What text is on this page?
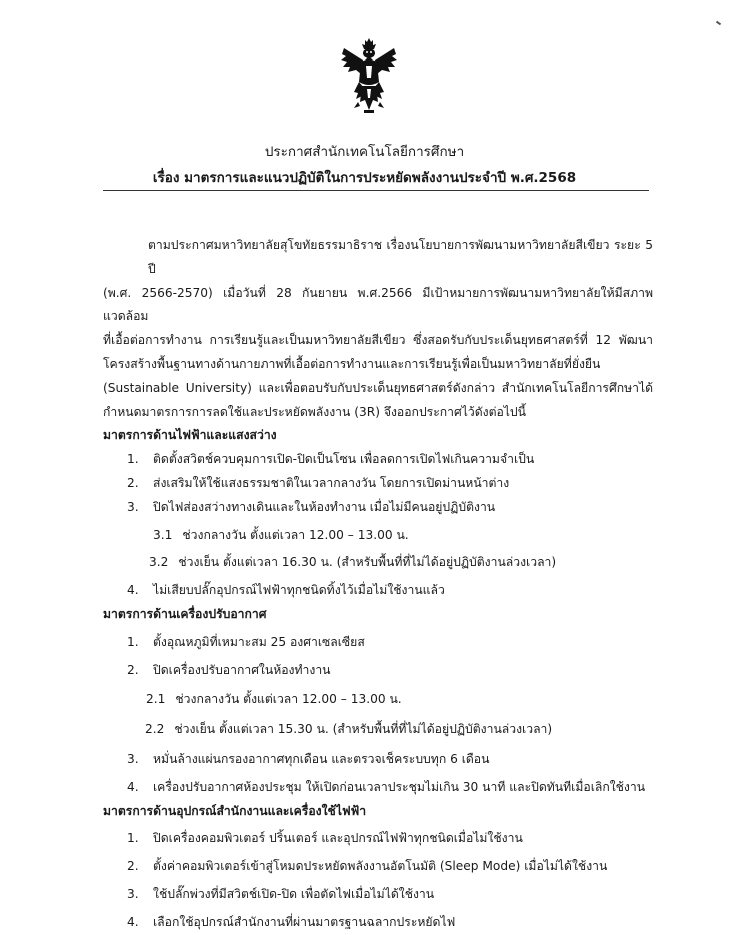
ประกาศสำนักเทคโนโลยีการศึกษา
เรื่อง มาตรการและแนวปฏิบัติในการประหยัดพลังงานประจำปี พ.ศ.2568
ตามประกาศมหาวิทยาลัยสุโขทัยธรรมาธิราช เรื่องนโยบายการพัฒนามหาวิทยาลัยสีเขียว ระยะ 5 ปี
(พ.ศ. 2566-2570) เมื่อวันที่ 28 กันยายน พ.ศ.2566 มีเป้าหมายการพัฒนามหาวิทยาลัยให้มีสภาพแวดล้อม
ที่เอื้อต่อการทำงาน การเรียนรู้และเป็นมหาวิทยาลัยสีเขียว ซึ่งสอดรับกับประเด็นยุทธศาสตร์ที่ 12 พัฒนา
โครงสร้างพื้นฐานทางด้านกายภาพที่เอื้อต่อการทำงานและการเรียนรู้เพื่อเป็นมหาวิทยาลัยที่ยั่งยืน
(Sustainable University) และเพื่อตอบรับกับประเด็นยุทธศาสตร์ดังกล่าว สำนักเทคโนโลยีการศึกษาได้
กำหนดมาตรการการลดใช้และประหยัดพลังงาน (3R) จึงออกประกาศไว้ดังต่อไปนี้
มาตรการด้านไฟฟ้าและแสงสว่าง
1. ติดตั้งสวิตช์ควบคุมการเปิด-ปิดเป็นโซน เพื่อลดการเปิดไฟเกินความจำเป็น
2. ส่งเสริมให้ใช้แสงธรรมชาติในเวลากลางวัน โดยการเปิดม่านหน้าต่าง
3. ปิดไฟส่องสว่างทางเดินและในห้องทำงาน เมื่อไม่มีคนอยู่ปฏิบัติงาน
3.1 ช่วงกลางวัน ตั้งแต่เวลา 12.00 – 13.00 น.
3.2 ช่วงเย็น ตั้งแต่เวลา 16.30 น. (สำหรับพื้นที่ที่ไม่ได้อยู่ปฏิบัติงานล่วงเวลา)
4. ไม่เสียบปลั๊กอุปกรณ์ไฟฟ้าทุกชนิดทิ้งไว้เมื่อไม่ใช้งานแล้ว
มาตรการด้านเครื่องปรับอากาศ
1. ตั้งอุณหภูมิที่เหมาะสม 25 องศาเซลเซียส
2. ปิดเครื่องปรับอากาศในห้องทำงาน
2.1 ช่วงกลางวัน ตั้งแต่เวลา 12.00 – 13.00 น.
2.2 ช่วงเย็น ตั้งแต่เวลา 15.30 น. (สำหรับพื้นที่ที่ไม่ได้อยู่ปฏิบัติงานล่วงเวลา)
3. หมั่นล้างแผ่นกรองอากาศทุกเดือน และตรวจเช็คระบบทุก 6 เดือน
4. เครื่องปรับอากาศห้องประชุม ให้เปิดก่อนเวลาประชุมไม่เกิน 30 นาที และปิดทันทีเมื่อเลิกใช้งาน
มาตรการด้านอุปกรณ์สำนักงานและเครื่องใช้ไฟฟ้า
1. ปิดเครื่องคอมพิวเตอร์ ปริ้นเตอร์ และอุปกรณ์ไฟฟ้าทุกชนิดเมื่อไม่ใช้งาน
2. ตั้งค่าคอมพิวเตอร์เข้าสู่โหมดประหยัดพลังงานอัตโนมัติ (Sleep Mode) เมื่อไม่ได้ใช้งาน
3. ใช้ปลั๊กพ่วงที่มีสวิตช์เปิด-ปิด เพื่อตัดไฟเมื่อไม่ได้ใช้งาน
4. เลือกใช้อุปกรณ์สำนักงานที่ผ่านมาตรฐานฉลากประหยัดไฟ
